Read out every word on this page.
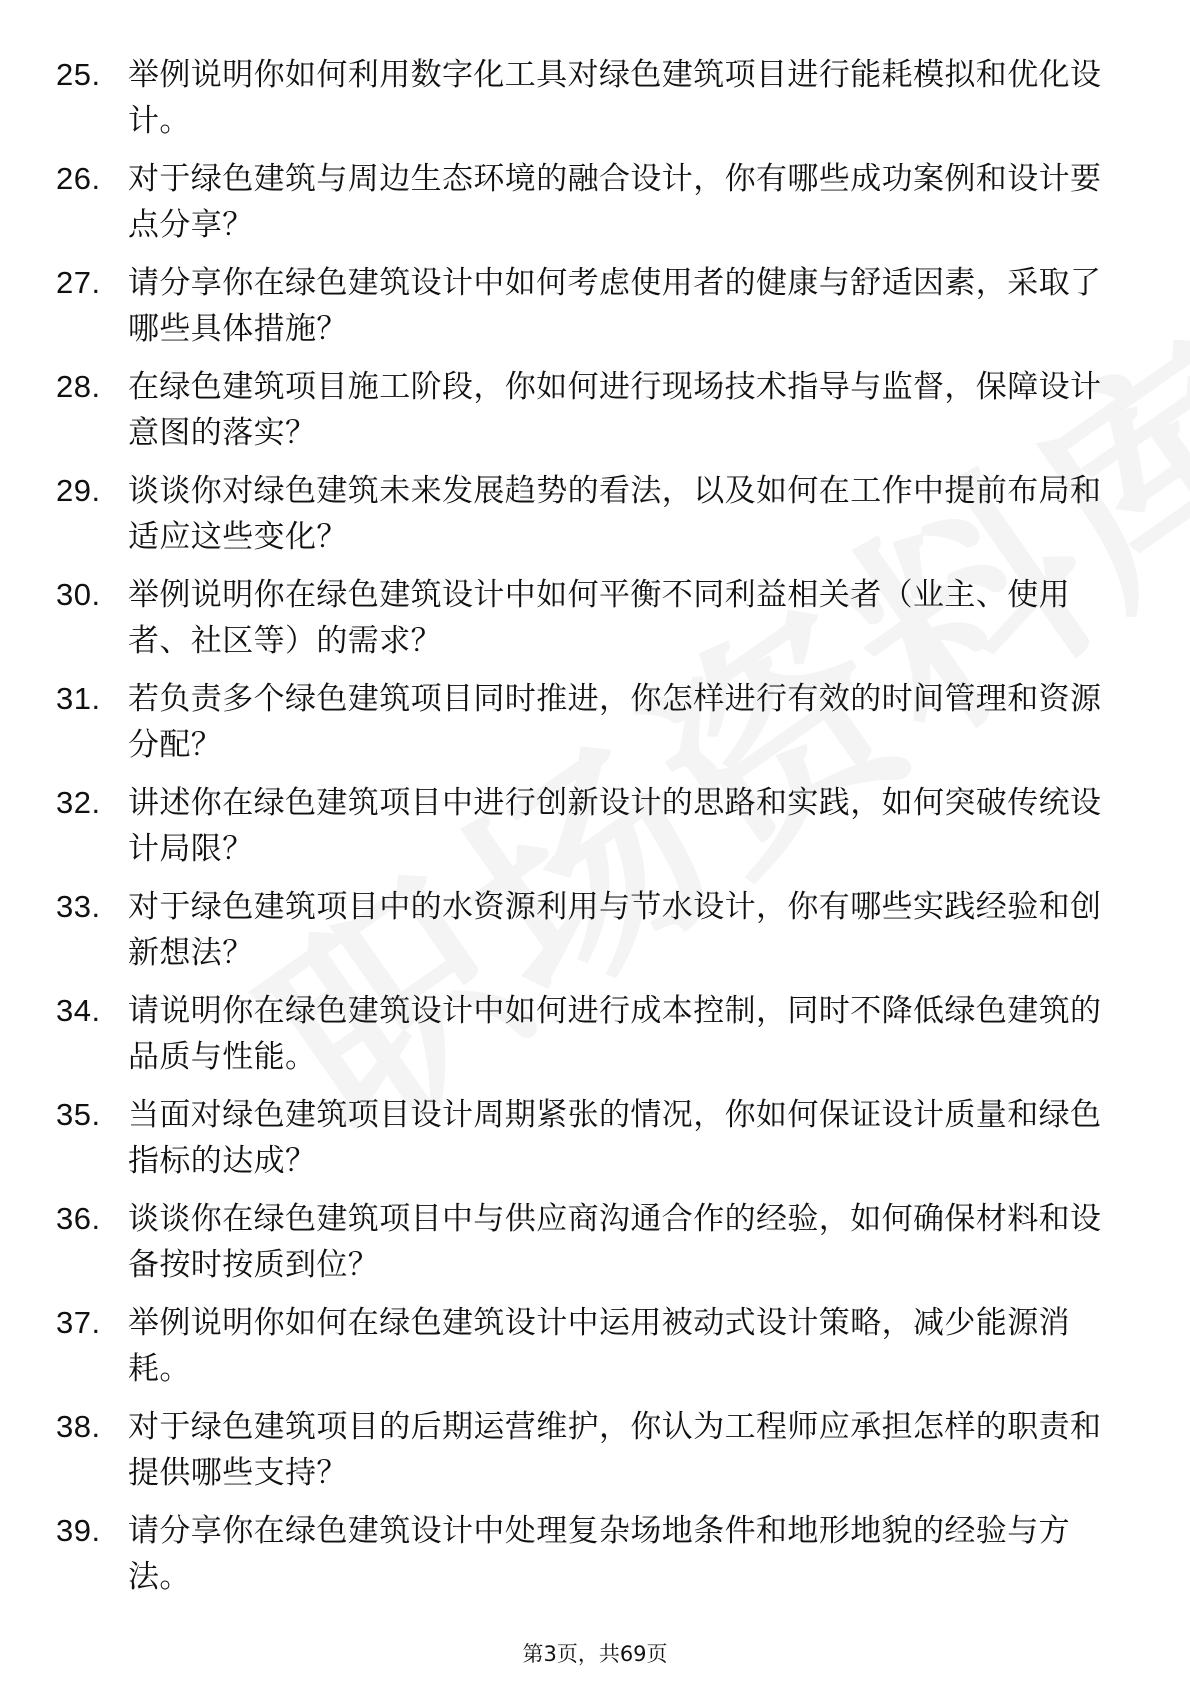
25. 举例说明你如何利用数字化工具对绿色建筑项目进行能耗模拟和优化设计。
26. 对于绿色建筑与周边生态环境的融合设计，你有哪些成功案例和设计要点分享？
27. 请分享你在绿色建筑设计中如何考虑使用者的健康与舒适因素，采取了哪些具体措施？
28. 在绿色建筑项目施工阶段，你如何进行现场技术指导与监督，保障设计意图的落实？
29. 谈谈你对绿色建筑未来发展趋势的看法，以及如何在工作中提前布局和适应这些变化？
30. 举例说明你在绿色建筑设计中如何平衡不同利益相关者（业主、使用者、社区等）的需求？
31. 若负责多个绿色建筑项目同时推进，你怎样进行有效的时间管理和资源分配？
32. 讲述你在绿色建筑项目中进行创新设计的思路和实践，如何突破传统设计局限？
33. 对于绿色建筑项目中的水资源利用与节水设计，你有哪些实践经验和创新想法？
34. 请说明你在绿色建筑设计中如何进行成本控制，同时不降低绿色建筑的品质与性能。
35. 当面对绿色建筑项目设计周期紧张的情况，你如何保证设计质量和绿色指标的达成？
36. 谈谈你在绿色建筑项目中与供应商沟通合作的经验，如何确保材料和设备按时按质到位？
37. 举例说明你如何在绿色建筑设计中运用被动式设计策略，减少能源消耗。
38. 对于绿色建筑项目的后期运营维护，你认为工程师应承担怎样的职责和提供哪些支持？
39. 请分享你在绿色建筑设计中处理复杂场地条件和地形地貌的经验与方法。
第3页，共69页
